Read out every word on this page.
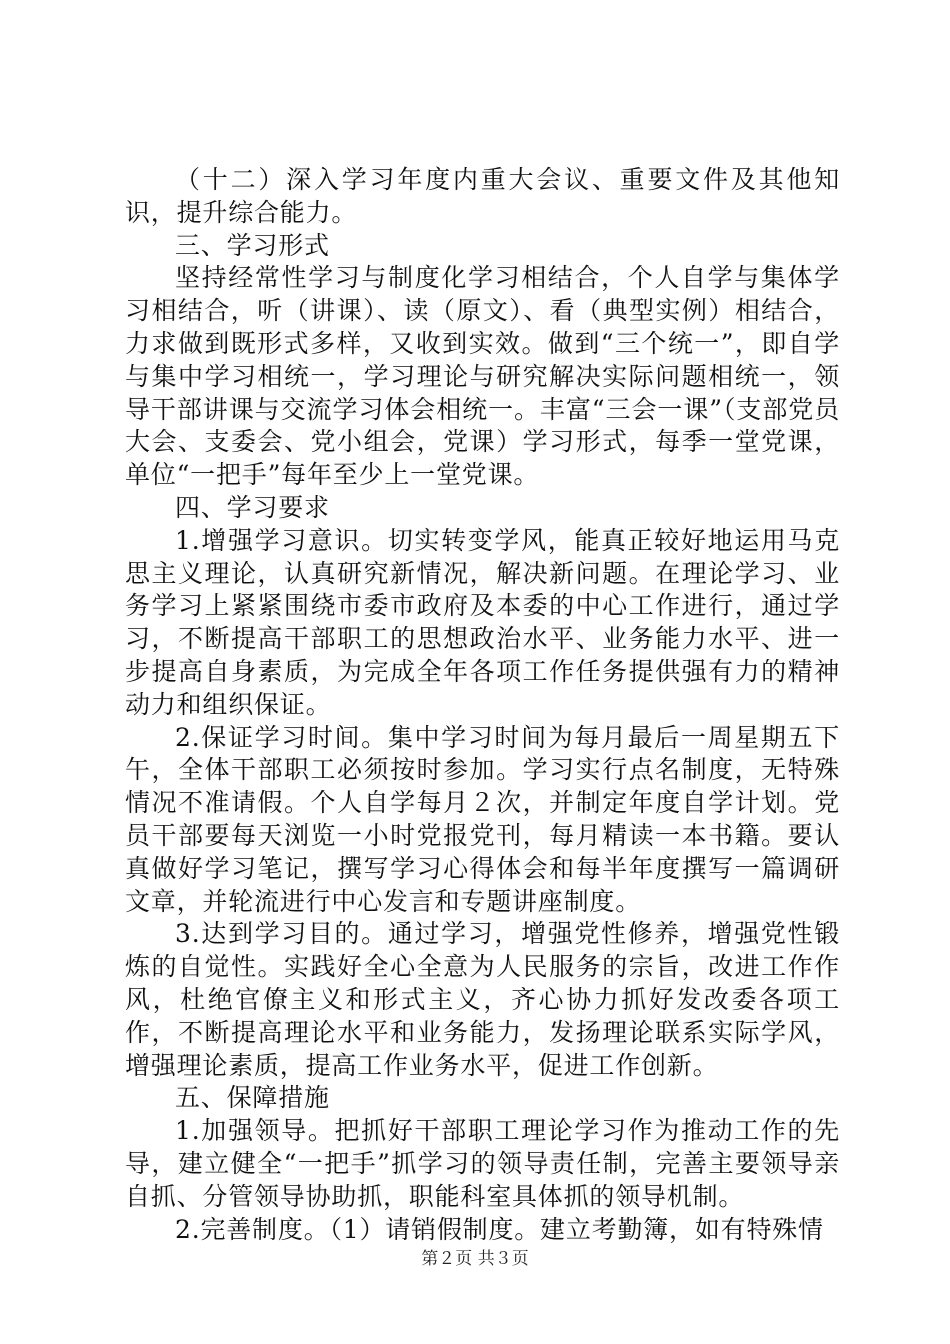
（十二）深入学习年度内重大会议、重要文件及其他知识，提升综合能力。

三、学习形式

坚持经常性学习与制度化学习相结合，个人自学与集体学习相结合，听（讲课）、读（原文）、看（典型实例）相结合，力求做到既形式多样，又收到实效。做到“三个统一”，即自学与集中学习相统一，学习理论与研究解决实际问题相统一，领导干部讲课与交流学习体会相统一。丰富“三会一课”（支部党员大会、支委会、党小组会，党课）学习形式，每季一堂党课，单位“一把手”每年至少上一堂党课。

四、学习要求

1.增强学习意识。切实转变学风，能真正较好地运用马克思主义理论，认真研究新情况，解决新问题。在理论学习、业务学习上紧紧围绕市委市政府及本委的中心工作进行，通过学习，不断提高干部职工的思想政治水平、业务能力水平、进一步提高自身素质，为完成全年各项工作任务提供强有力的精神动力和组织保证。

2.保证学习时间。集中学习时间为每月最后一周星期五下午，全体干部职工必须按时参加。学习实行点名制度，无特殊情况不准请假。个人自学每月２次，并制定年度自学计划。党员干部要每天浏览一小时党报党刊，每月精读一本书籍。要认真做好学习笔记，撰写学习心得体会和每半年度撰写一篇调研文章，并轮流进行中心发言和专题讲座制度。

3.达到学习目的。通过学习，增强党性修养，增强党性锻炼的自觉性。实践好全心全意为人民服务的宗旨，改进工作作风，杜绝官僚主义和形式主义，齐心协力抓好发改委各项工作，不断提高理论水平和业务能力，发扬理论联系实际学风，增强理论素质，提高工作业务水平，促进工作创新。

五、保障措施

1.加强领导。把抓好干部职工理论学习作为推动工作的先导，建立健全“一把手”抓学习的领导责任制，完善主要领导亲自抓、分管领导协助抓，职能科室具体抓的领导机制。

2.完善制度。（1）请销假制度。建立考勤簿，如有特殊情

第２页 共３页
